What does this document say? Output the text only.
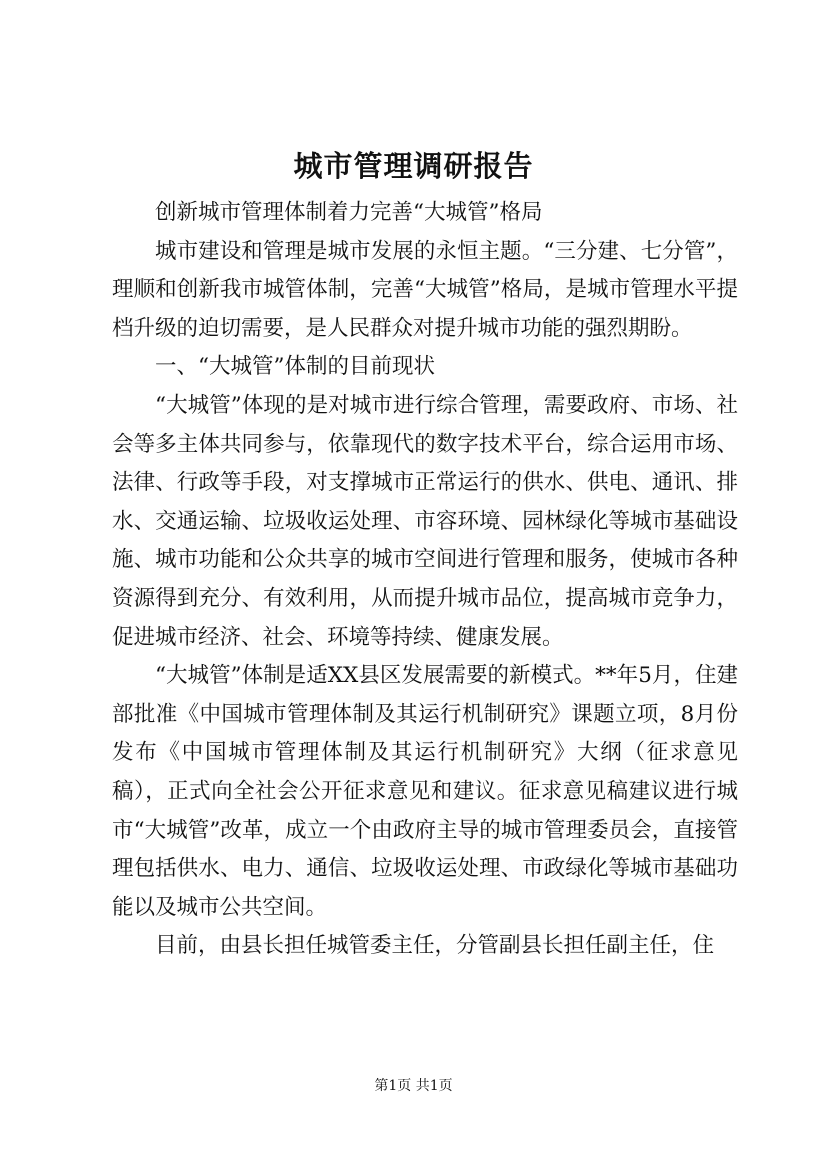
城市管理调研报告

创新城市管理体制着力完善“大城管”格局

城市建设和管理是城市发展的永恒主题。“三分建、七分管”，理顺和创新我市城管体制，完善“大城管”格局，是城市管理水平提档升级的迫切需要，是人民群众对提升城市功能的强烈期盼。

一、“大城管”体制的目前现状

“大城管”体现的是对城市进行综合管理，需要政府、市场、社会等多主体共同参与，依靠现代的数字技术平台，综合运用市场、法律、行政等手段，对支撑城市正常运行的供水、供电、通讯、排水、交通运输、垃圾收运处理、市容环境、园林绿化等城市基础设施、城市功能和公众共享的城市空间进行管理和服务，使城市各种资源得到充分、有效利用，从而提升城市品位，提高城市竞争力，促进城市经济、社会、环境等持续、健康发展。

“大城管”体制是适XX县区发展需要的新模式。**年5月，住建部批准《中国城市管理体制及其运行机制研究》课题立项，8月份发布《中国城市管理体制及其运行机制研究》大纲（征求意见稿），正式向全社会公开征求意见和建议。征求意见稿建议进行城市“大城管”改革，成立一个由政府主导的城市管理委员会，直接管理包括供水、电力、通信、垃圾收运处理、市政绿化等城市基础功能以及城市公共空间。

目前，由县长担任城管委主任，分管副县长担任副主任，住

第1页 共1页
